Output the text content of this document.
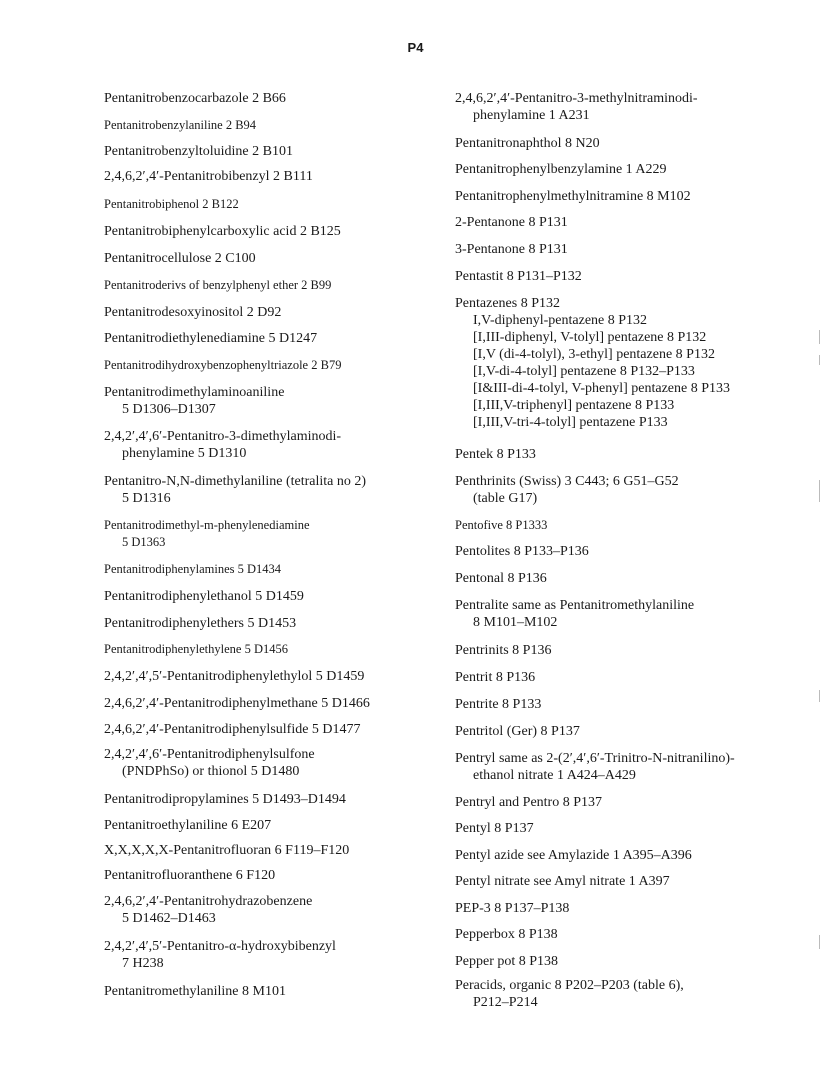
P4
Pentanitrobenzocarbazole 2 B66
Pentanitrobenzylaniline 2 B94
Pentanitrobenzyltoluidine 2 B101
2,4,6,2′,4′-Pentanitrobibenzyl 2 B111
Pentanitrobiphenol 2 B122
Pentanitrobiphenylcarboxylic acid 2 B125
Pentanitrocellulose 2 C100
Pentanitroderivs of benzylphenyl ether 2 B99
Pentanitrodesoxyinositol 2 D92
Pentanitrodiethylenediamine 5 D1247
Pentanitrodihydroxybenzophenyltriazole 2 B79
Pentanitrodimethylaminoaniline
5 D1306–D1307
2,4,2′,4′,6′-Pentanitro-3-dimethylaminodi-
phenylamine 5 D1310
Pentanitro-N,N-dimethylaniline (tetralita no 2)
5 D1316
Pentanitrodimethyl-m-phenylenediamine
5 D1363
Pentanitrodiphenylamines 5 D1434
Pentanitrodiphenylethanol 5 D1459
Pentanitrodiphenylethers 5 D1453
Pentanitrodiphenylethylene 5 D1456
2,4,2′,4′,5′-Pentanitrodiphenylethylol 5 D1459
2,4,6,2′,4′-Pentanitrodiphenylmethane 5 D1466
2,4,6,2′,4′-Pentanitrodiphenylsulfide 5 D1477
2,4,2′,4′,6′-Pentanitrodiphenylsulfone
(PNDPhSo) or thionol 5 D1480
Pentanitrodipropylamines 5 D1493–D1494
Pentanitroethylaniline 6 E207
X,X,X,X,X-Pentanitrofluoran 6 F119–F120
Pentanitrofluoranthene 6 F120
2,4,6,2′,4′-Pentanitrohydrazobenzene
5 D1462–D1463
2,4,2′,4′,5′-Pentanitro-α-hydroxybibenzyl
7 H238
Pentanitromethylaniline 8 M101
2,4,6,2′,4′-Pentanitro-3-methylnitraminodi-
phenylamine 1 A231
Pentanitronaphthol 8 N20
Pentanitrophenylbenzylamine 1 A229
Pentanitrophenylmethylnitramine 8 M102
2-Pentanone 8 P131
3-Pentanone 8 P131
Pentastit 8 P131–P132
Pentazenes 8 P132
I,V-diphenyl-pentazene 8 P132
[I,III-diphenyl, V-tolyl] pentazene 8 P132
[I,V (di-4-tolyl), 3-ethyl] pentazene 8 P132
[I,V-di-4-tolyl] pentazene 8 P132–P133
[I&III-di-4-tolyl, V-phenyl] pentazene 8 P133
[I,III,V-triphenyl] pentazene 8 P133
[I,III,V-tri-4-tolyl] pentazene P133
Pentek 8 P133
Penthrinits (Swiss) 3 C443; 6 G51–G52
(table G17)
Pentofive 8 P1333
Pentolites 8 P133–P136
Pentonal 8 P136
Pentralite same as Pentanitromethylaniline
8 M101–M102
Pentrinits 8 P136
Pentrit 8 P136
Pentrite 8 P133
Pentritol (Ger) 8 P137
Pentryl same as 2-(2′,4′,6′-Trinitro-N-nitranilino)-
ethanol nitrate 1 A424–A429
Pentryl and Pentro 8 P137
Pentyl 8 P137
Pentyl azide see Amylazide 1 A395–A396
Pentyl nitrate see Amyl nitrate 1 A397
PEP-3 8 P137–P138
Pepperbox 8 P138
Pepper pot 8 P138
Peracids, organic 8 P202–P203 (table 6),
P212–P214
